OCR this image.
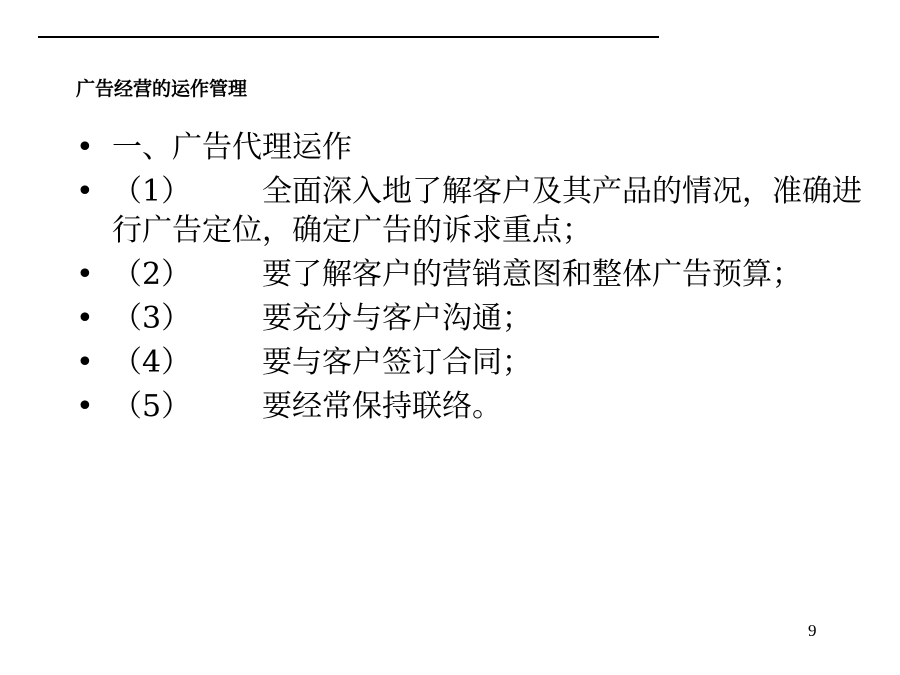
广告经营的运作管理
• 一、广告代理运作
• （1） 全面深入地了解客户及其产品的情况，准确进行广告定位，确定广告的诉求重点；
• （2） 要了解客户的营销意图和整体广告预算；
• （3） 要充分与客户沟通；
• （4） 要与客户签订合同；
• （5） 要经常保持联络。
9
